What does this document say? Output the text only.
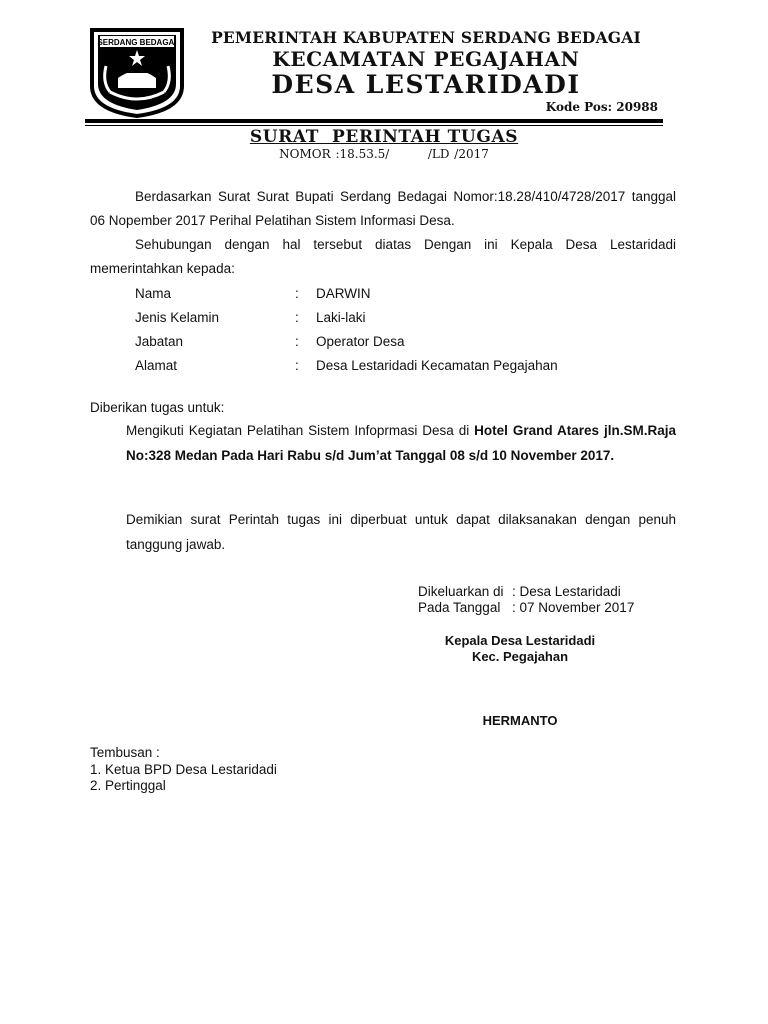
SERDANG BEDAGAI	PEMERINTAH KABUPATEN SERDANG BEDAGAI
KECAMATAN PEGAJAHAN
DESA LESTARIDADI
Kode Pos: 20988
SURAT  PERINTAH TUGAS
NOMOR :18.53.5/        /LD /2017
Berdasarkan Surat Surat Bupati Serdang Bedagai Nomor:18.28/410/4728/2017 tanggal 06 Nopember 2017 Perihal Pelatihan Sistem Informasi Desa.
Sehubungan dengan hal tersebut diatas Dengan ini Kepala Desa Lestaridadi memerintahkan kepada:
Nama	: DARWIN
Jenis Kelamin	: Laki-laki
Jabatan	: Operator Desa
Alamat	: Desa Lestaridadi Kecamatan Pegajahan
Diberikan tugas untuk:
Mengikuti Kegiatan Pelatihan Sistem Infoprmasi Desa di Hotel Grand Atares jln.SM.Raja No:328 Medan Pada Hari Rabu s/d Jum’at Tanggal 08 s/d 10 November 2017.
Demikian surat Perintah tugas ini diperbuat untuk dapat dilaksanakan dengan penuh tanggung jawab.
Dikeluarkan di : Desa Lestaridadi
Pada Tanggal : 07 November 2017
Kepala Desa Lestaridadi
Kec. Pegajahan
HERMANTO
Tembusan :
1. Ketua BPD Desa Lestaridadi
2. Pertinggal
